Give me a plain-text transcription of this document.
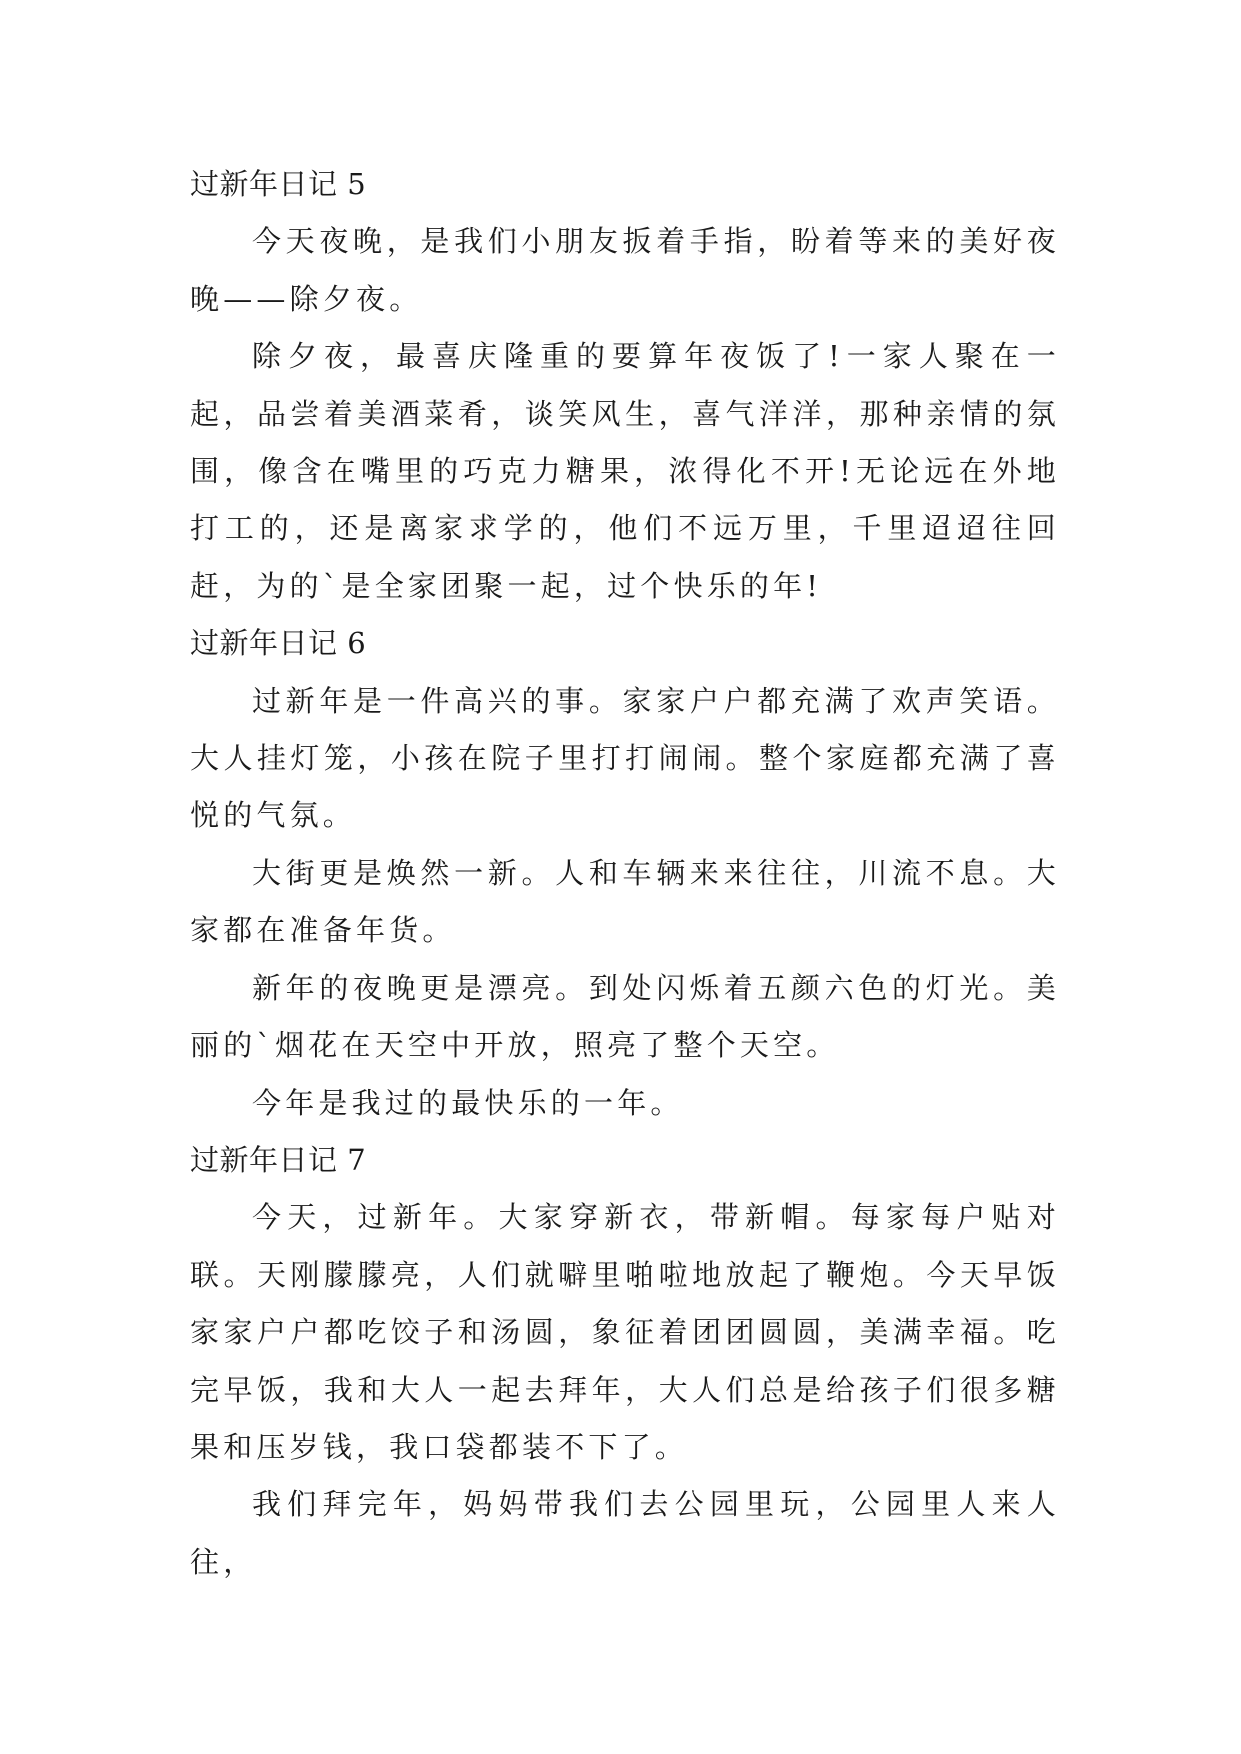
过新年日记 5

今天夜晚，是我们小朋友扳着手指，盼着等来的美好夜晚——除夕夜。

除夕夜，最喜庆隆重的要算年夜饭了!一家人聚在一起，品尝着美酒菜肴，谈笑风生，喜气洋洋，那种亲情的氛围，像含在嘴里的巧克力糖果，浓得化不开!无论远在外地打工的，还是离家求学的，他们不远万里，千里迢迢往回赶，为的`是全家团聚一起，过个快乐的年!

过新年日记 6

过新年是一件高兴的事。家家户户都充满了欢声笑语。大人挂灯笼，小孩在院子里打打闹闹。整个家庭都充满了喜悦的气氛。

大街更是焕然一新。人和车辆来来往往，川流不息。大家都在准备年货。

新年的夜晚更是漂亮。到处闪烁着五颜六色的灯光。美丽的`烟花在天空中开放，照亮了整个天空。

今年是我过的最快乐的一年。

过新年日记 7

今天，过新年。大家穿新衣，带新帽。每家每户贴对联。天刚朦朦亮，人们就噼里啪啦地放起了鞭炮。今天早饭家家户户都吃饺子和汤圆，象征着团团圆圆，美满幸福。吃完早饭，我和大人一起去拜年，大人们总是给孩子们很多糖果和压岁钱，我口袋都装不下了。

我们拜完年，妈妈带我们去公园里玩，公园里人来人往，
